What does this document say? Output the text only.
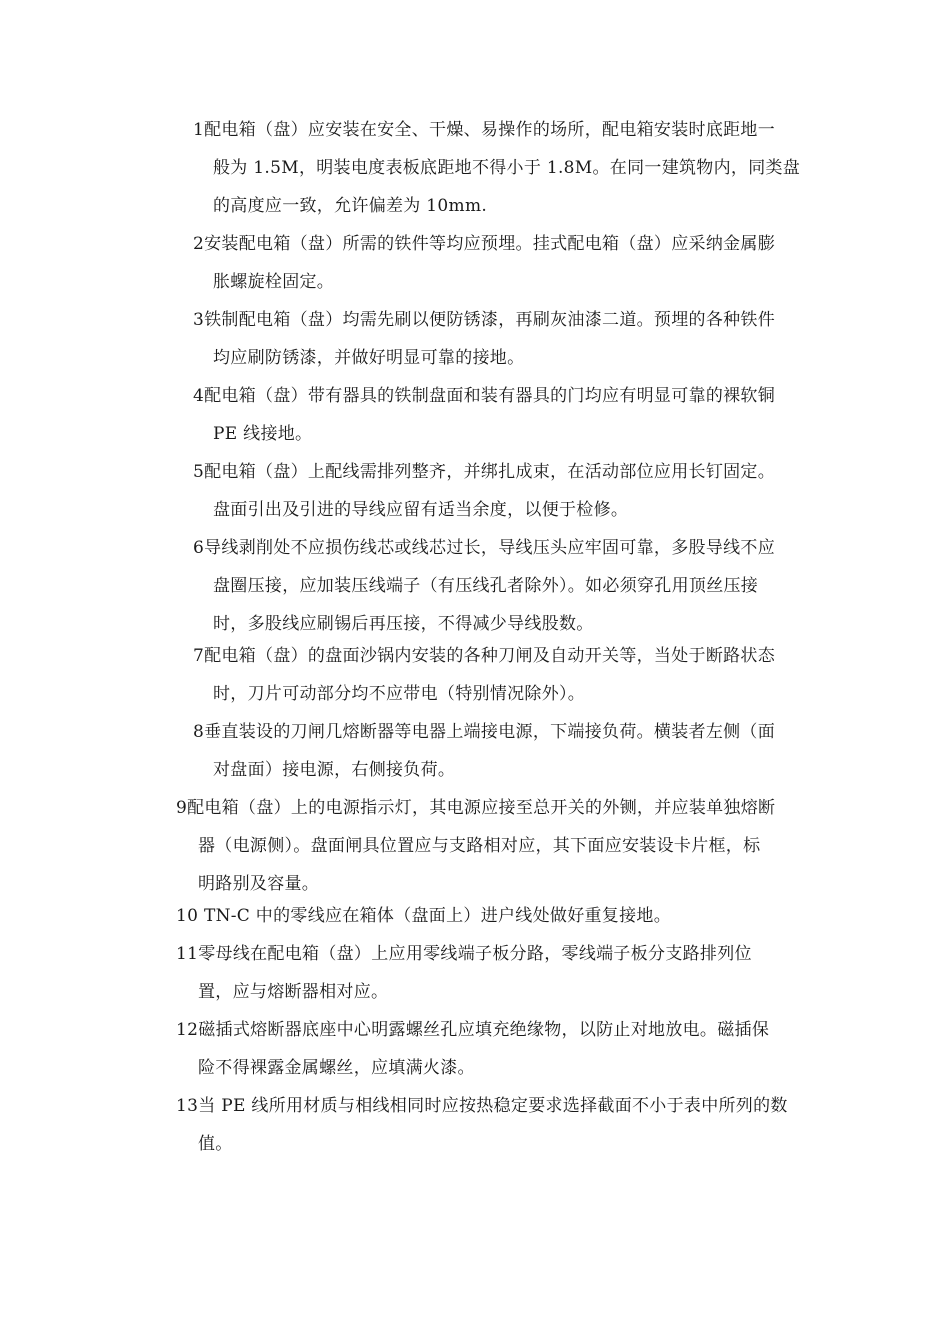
1配电箱（盘）应安装在安全、干燥、易操作的场所，配电箱安装时底距地一
般为 1.5M，明装电度表板底距地不得小于 1.8M。在同一建筑物内，同类盘
的高度应一致，允许偏差为 10mm.
2安装配电箱（盘）所需的铁件等均应预埋。挂式配电箱（盘）应采纳金属膨
胀螺旋栓固定。
3铁制配电箱（盘）均需先刷以便防锈漆，再刷灰油漆二道。预埋的各种铁件
均应刷防锈漆，并做好明显可靠的接地。
4配电箱（盘）带有器具的铁制盘面和装有器具的门均应有明显可靠的裸软铜
PE 线接地。
5配电箱（盘）上配线需排列整齐，并绑扎成束，在活动部位应用长钉固定。
盘面引出及引进的导线应留有适当余度，以便于检修。
6导线剥削处不应损伤线芯或线芯过长，导线压头应牢固可靠，多股导线不应
盘圈压接，应加装压线端子（有压线孔者除外）。如必须穿孔用顶丝压接
时，多股线应刷锡后再压接，不得减少导线股数。
7配电箱（盘）的盘面沙锅内安装的各种刀闸及自动开关等，当处于断路状态
时，刀片可动部分均不应带电（特别情况除外）。
8垂直装设的刀闸几熔断器等电器上端接电源，下端接负荷。横装者左侧（面
对盘面）接电源，右侧接负荷。
9配电箱（盘）上的电源指示灯，其电源应接至总开关的外铡，并应装单独熔断
器（电源侧）。盘面闸具位置应与支路相对应，其下面应安装设卡片框，标
明路别及容量。
10 TN-C 中的零线应在箱体（盘面上）进户线处做好重复接地。
11零母线在配电箱（盘）上应用零线端子板分路，零线端子板分支路排列位
置，应与熔断器相对应。
12磁插式熔断器底座中心明露螺丝孔应填充绝缘物，以防止对地放电。磁插保
险不得裸露金属螺丝，应填满火漆。
13当 PE 线所用材质与相线相同时应按热稳定要求选择截面不小于表中所列的数
值。
